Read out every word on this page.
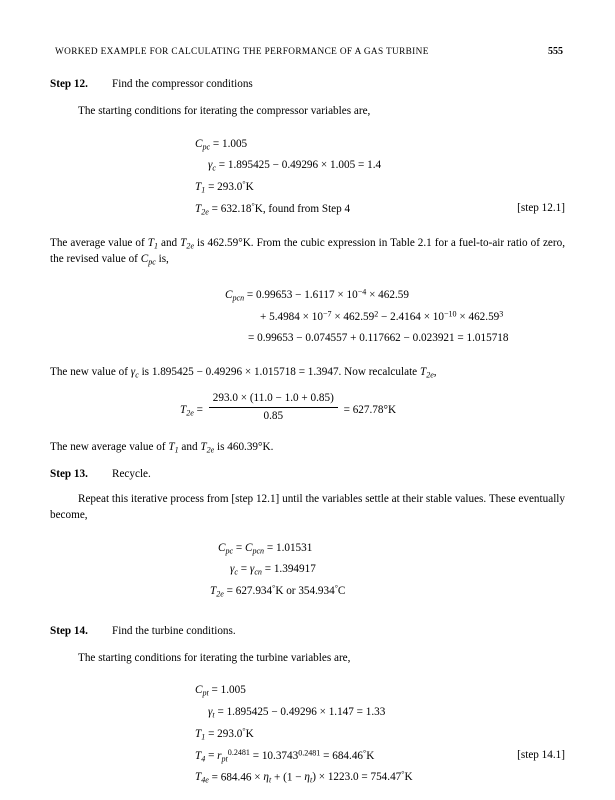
WORKED EXAMPLE FOR CALCULATING THE PERFORMANCE OF A GAS TURBINE	555
Step 12.	Find the compressor conditions

The starting conditions for iterating the compressor variables are,

$C_{pc} = 1.005$
$\gamma_c = 1.895425 - 0.49296 \times 1.005 = 1.4$
$T_1 = 293.0^\circ K$
$T_{2e} = 632.18^\circ K$, found from Step 4	[step 12.1]

The average value of $T_1$ and $T_{2e}$ is 462.59°K. From the cubic expression in Table 2.1 for a fuel-to-air ratio of zero, the revised value of $C_{pc}$ is,

$C_{pcn} = 0.99653 - 1.6117 \times 10^{-4} \times 462.59$
+ $5.4984 \times 10^{-7} \times 462.59^2 - 2.4164 \times 10^{-10} \times 462.59^3$
= 0.99653 − 0.074557 + 0.117662 − 0.023921 = 1.015718

The new value of $\gamma_c$ is 1.895425 − 0.49296 × 1.015718 = 1.3947. Now recalculate $T_{2e}$,

$T_{2e} = \frac{293.0 \times (11.0 - 1.0 + 0.85)}{0.85} = 627.78^\circ K$

The new average value of $T_1$ and $T_{2e}$ is 460.39°K.

Step 13.	Recycle.

Repeat this iterative process from [step 12.1] until the variables settle at their stable values. These eventually become,

$C_{pc} = C_{pcn} = 1.01531$
$\gamma_c = \gamma_{cn} = 1.394917$
$T_{2e} = 627.934^\circ K$ or 354.934°C
Step 14.	Find the turbine conditions.

The starting conditions for iterating the turbine variables are,

$C_{pt} = 1.005$
$\gamma_t = 1.895425 - 0.49296 \times 1.147 = 1.33$
$T_1 = 293.0^\circ K$
$T_4 = r_{pt}^{0.2481} = 10.3743^{0.2481} = 684.46^\circ K$	[step 14.1]
$T_{4e} = 684.46 \times \eta_t + (1 - \eta_t) \times 1223.0 = 754.47^\circ K$
